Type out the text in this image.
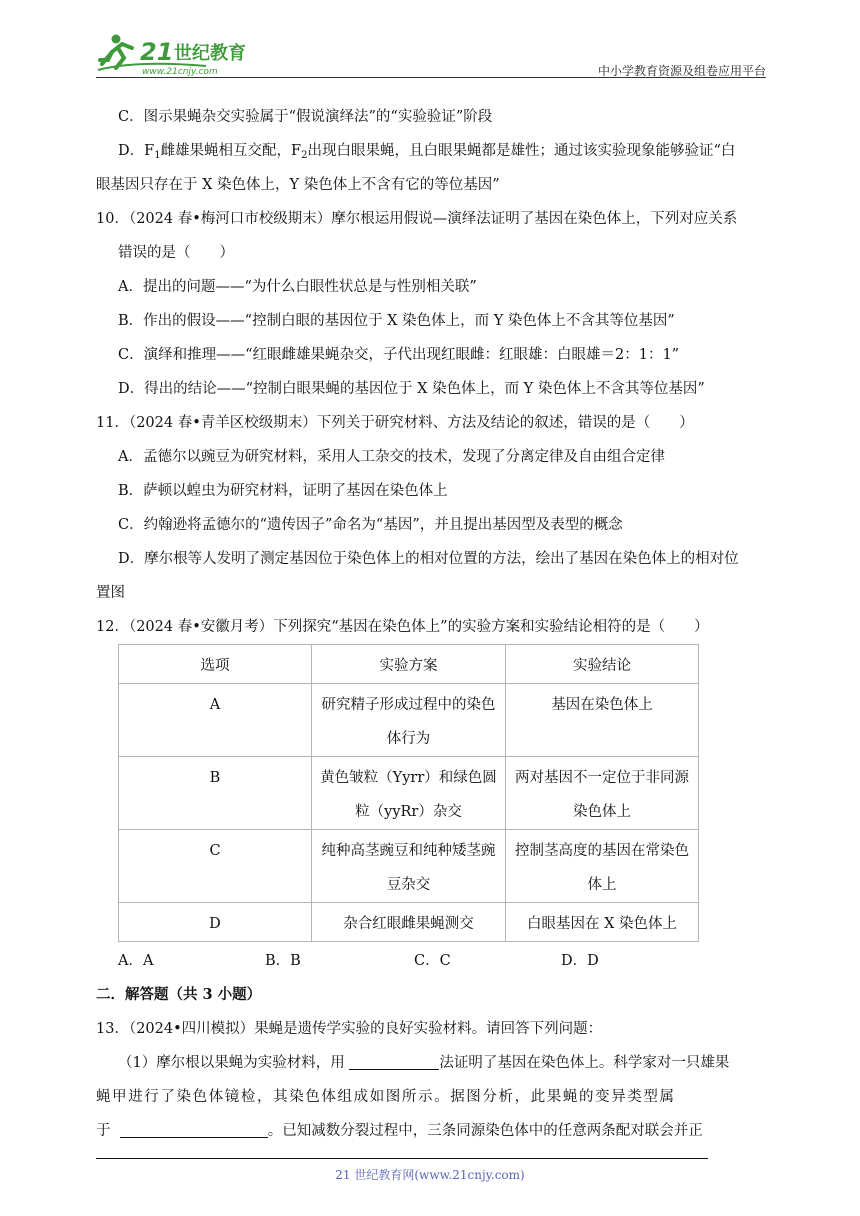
21 世纪教育
www.21cnjy.com	中小学教育资源及组卷应用平台
C．图示果蝇杂交实验属于“假说演绎法”的“实验验证”阶段
D．$F_1$雌雄果蝇相互交配，$F_2$出现白眼果蝇，且白眼果蝇都是雄性；通过该实验现象能够验证“白
眼基因只存在于 X 染色体上，Y 染色体上不含有它的等位基因”
10．（2024 春•梅河口市校级期末）摩尔根运用假说—演绎法证明了基因在染色体上，下列对应关系
错误的是（　　）
A．提出的问题——“为什么白眼性状总是与性别相关联”
B．作出的假设——“控制白眼的基因位于 X 染色体上，而 Y 染色体上不含其等位基因”
C．演绎和推理——“红眼雌雄果蝇杂交，子代出现红眼雌：红眼雄：白眼雄＝2：1：1”
D．得出的结论——“控制白眼果蝇的基因位于 X 染色体上，而 Y 染色体上不含其等位基因”
11．（2024 春•青羊区校级期末）下列关于研究材料、方法及结论的叙述，错误的是（　　）
A．孟德尔以豌豆为研究材料，采用人工杂交的技术，发现了分离定律及自由组合定律
B．萨顿以蝗虫为研究材料，证明了基因在染色体上
C．约翰逊将孟德尔的“遗传因子”命名为“基因”，并且提出基因型及表型的概念
D．摩尔根等人发明了测定基因位于染色体上的相对位置的方法，绘出了基因在染色体上的相对位
置图
12．（2024 春•安徽月考）下列探究“基因在染色体上”的实验方案和实验结论相符的是（　　）
选项	实验方案	实验结论
A	研究精子形成过程中的染色体行为	基因在染色体上
B	黄色皱粒（Yyrr）和绿色圆粒（yyRr）杂交	两对基因不一定位于非同源染色体上
C	纯种高茎豌豆和纯种矮茎豌豆杂交	控制茎高度的基因在常染色体上
D	杂合红眼雌果蝇测交	白眼基因在 X 染色体上
A．A	B．B	C．C	D．D
二．解答题（共 3 小题）
13．（2024•四川模拟）果蝇是遗传学实验的良好实验材料。请回答下列问题：
（1）摩尔根以果蝇为实验材料，用	法证明了基因在染色体上。科学家对一只雄果
蝇甲进行了染色体镜检，其染色体组成如图所示。据图分析，此果蝇的变异类型属
于	。已知减数分裂过程中，三条同源染色体中的任意两条配对联会并正
21 世纪教育网(www.21cnjy.com)
